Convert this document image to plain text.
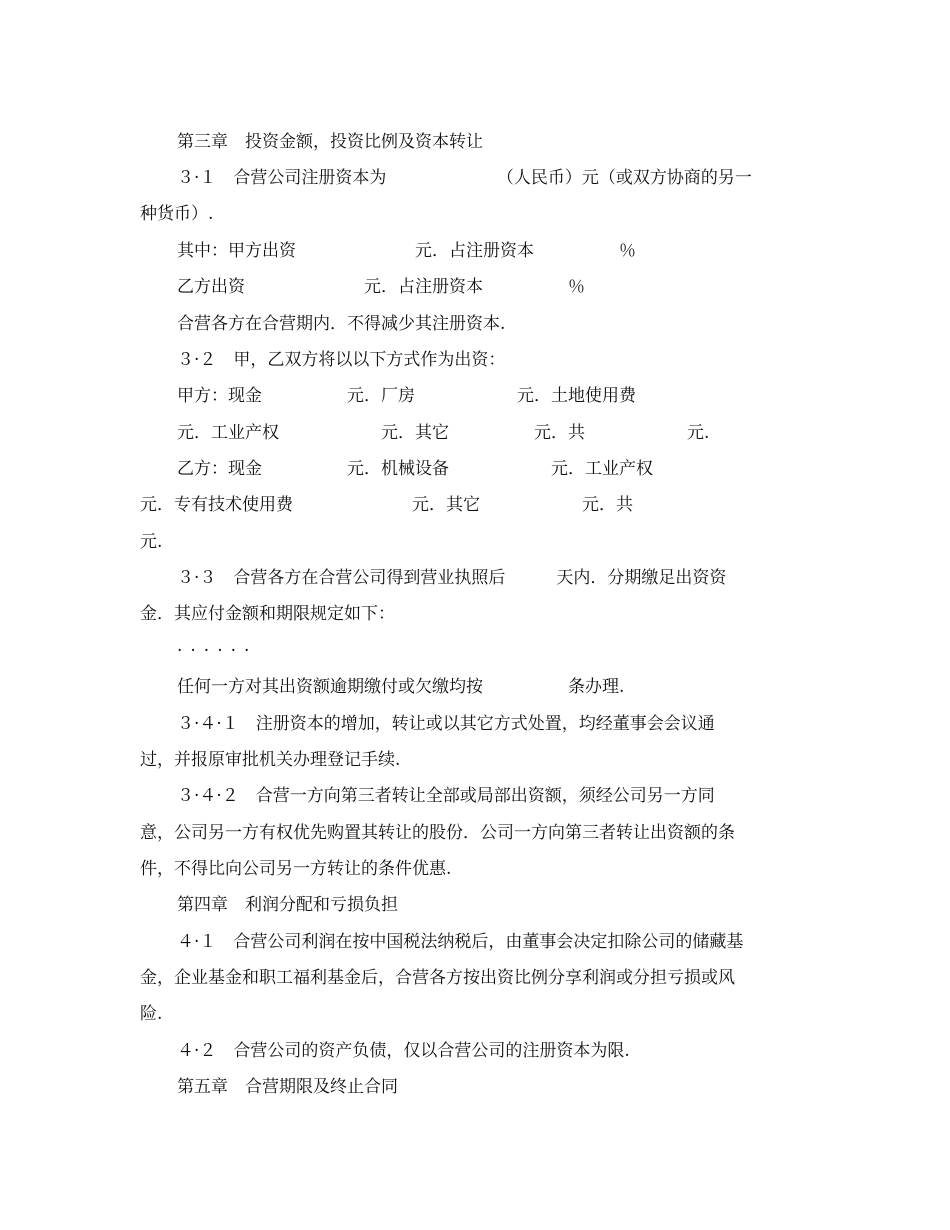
第三章　投资金额，投资比例及资本转让
３·１　合营公司注册资本为　　　　　　　（人民币）元（或双方协商的另一
种货币）.
其中：甲方出资　　　　　　　元．占注册资本　　　　　％
乙方出资　　　　　　　元．占注册资本　　　　　％
合营各方在合营期内．不得减少其注册资本.
３·２　甲，乙双方将以以下方式作为出资：
甲方：现金　　　　　元．厂房　　　　　　元．土地使用费
元．工业产权　　　　　　元．其它　　　　　元．共　　　　　　元.
乙方：现金　　　　　元．机械设备　　　　　　元．工业产权
元．专有技术使用费　　　　　　　元．其它　　　　　　元．共
元.
３·３　合营各方在合营公司得到营业执照后　　　天内．分期缴足出资资
金．其应付金额和期限规定如下：
······
任何一方对其出资额逾期缴付或欠缴均按　　　　　条办理.
３·４·１　注册资本的增加，转让或以其它方式处置，均经董事会会议通
过，并报原审批机关办理登记手续.
３·４·２　合营一方向第三者转让全部或局部出资额，须经公司另一方同
意，公司另一方有权优先购置其转让的股份．公司一方向第三者转让出资额的条
件，不得比向公司另一方转让的条件优惠.
第四章　利润分配和亏损负担
４·１　合营公司利润在按中国税法纳税后，由董事会决定扣除公司的储藏基
金，企业基金和职工福利基金后，合营各方按出资比例分享利润或分担亏损或风
险.
４·２　合营公司的资产负债，仅以合营公司的注册资本为限.
第五章　合营期限及终止合同
